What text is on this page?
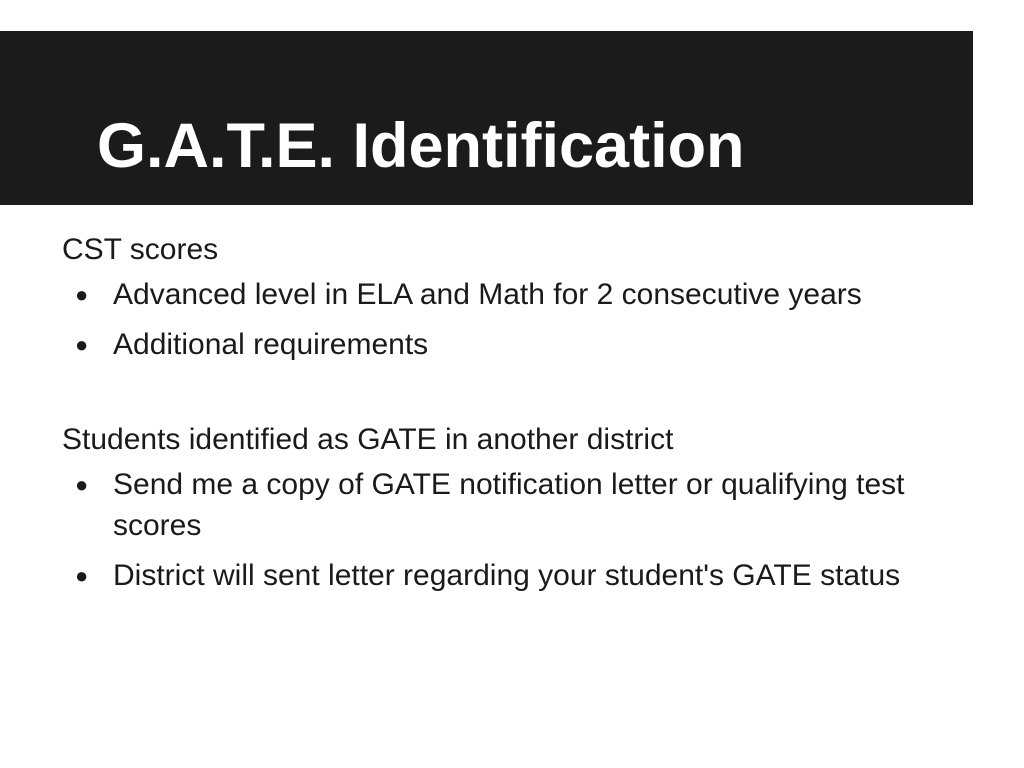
G.A.T.E. Identification

CST scores

● Advanced level in ELA and Math for 2 consecutive years
● Additional requirements

Students identified as GATE in another district

● Send me a copy of GATE notification letter or qualifying test scores
● District will sent letter regarding your student's GATE status
